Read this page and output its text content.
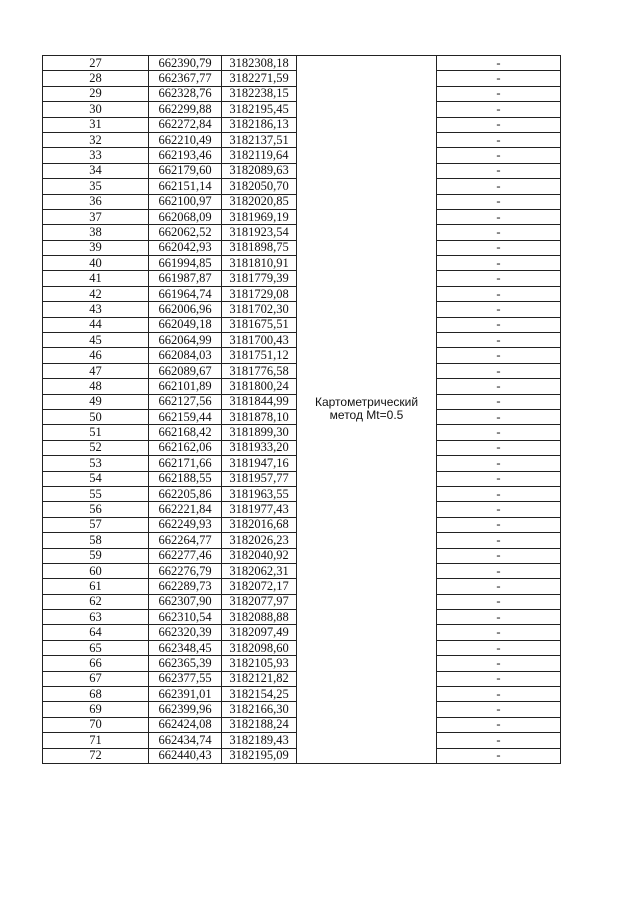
27	662390,79	3182308,18	Картометрический метод Mt=0.5	-
28	662367,77	3182271,59		-
29	662328,76	3182238,15		-
30	662299,88	3182195,45		-
31	662272,84	3182186,13		-
32	662210,49	3182137,51		-
33	662193,46	3182119,64		-
34	662179,60	3182089,63		-
35	662151,14	3182050,70		-
36	662100,97	3182020,85		-
37	662068,09	3181969,19		-
38	662062,52	3181923,54		-
39	662042,93	3181898,75		-
40	661994,85	3181810,91		-
41	661987,87	3181779,39		-
42	661964,74	3181729,08		-
43	662006,96	3181702,30		-
44	662049,18	3181675,51		-
45	662064,99	3181700,43		-
46	662084,03	3181751,12		-
47	662089,67	3181776,58		-
48	662101,89	3181800,24		-
49	662127,56	3181844,99		-
50	662159,44	3181878,10		-
51	662168,42	3181899,30		-
52	662162,06	3181933,20		-
53	662171,66	3181947,16		-
54	662188,55	3181957,77		-
55	662205,86	3181963,55		-
56	662221,84	3181977,43		-
57	662249,93	3182016,68		-
58	662264,77	3182026,23		-
59	662277,46	3182040,92		-
60	662276,79	3182062,31		-
61	662289,73	3182072,17		-
62	662307,90	3182077,97		-
63	662310,54	3182088,88		-
64	662320,39	3182097,49		-
65	662348,45	3182098,60		-
66	662365,39	3182105,93		-
67	662377,55	3182121,82		-
68	662391,01	3182154,25		-
69	662399,96	3182166,30		-
70	662424,08	3182188,24		-
71	662434,74	3182189,43		-
72	662440,43	3182195,09		-
